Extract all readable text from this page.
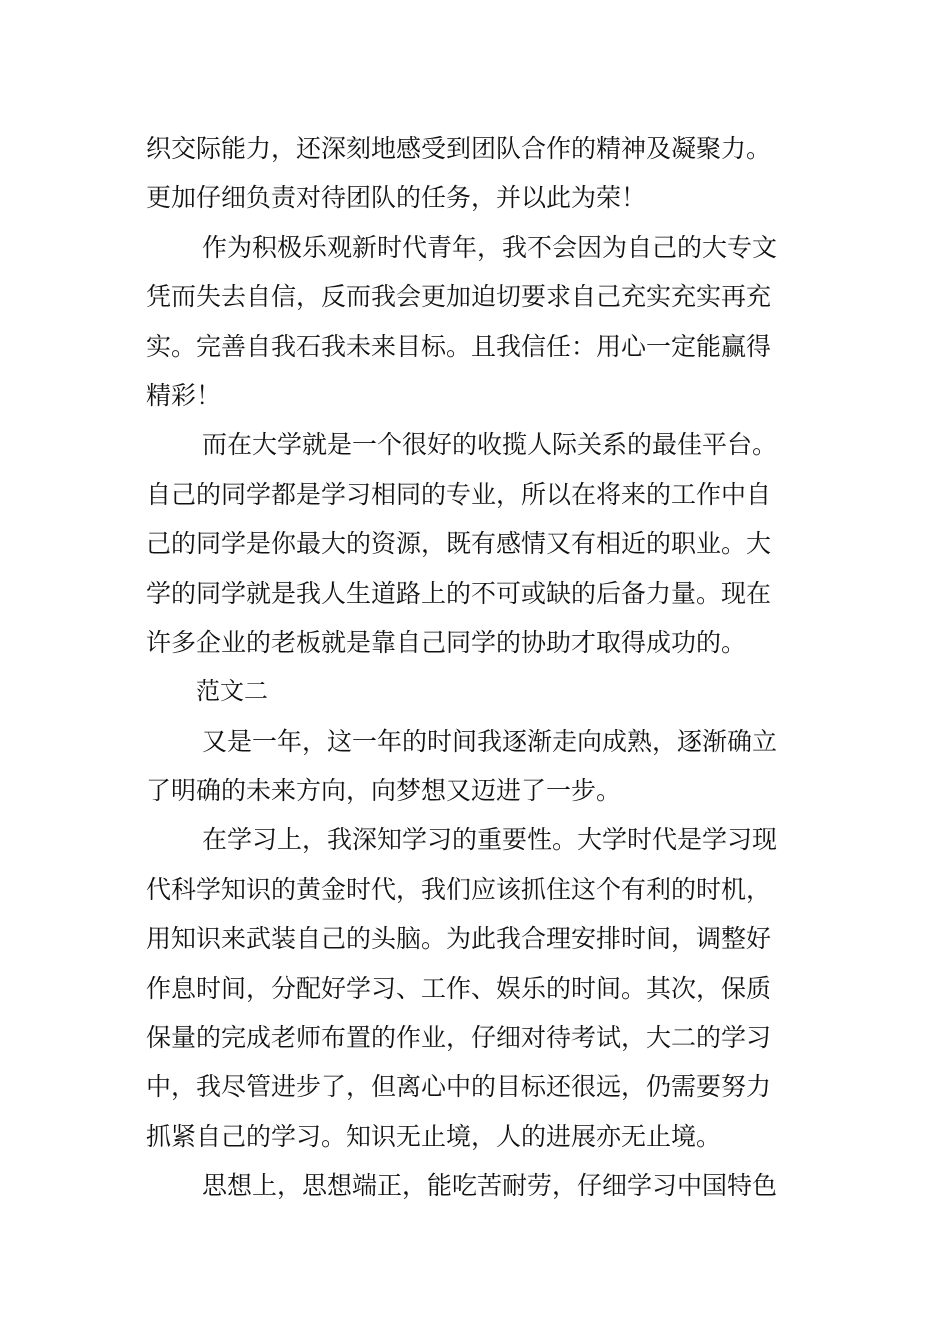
织交际能力，还深刻地感受到团队合作的精神及凝聚力。
更加仔细负责对待团队的任务，并以此为荣！
作为积极乐观新时代青年，我不会因为自己的大专文
凭而失去自信，反而我会更加迫切要求自己充实充实再充
实。完善自我石我未来目标。且我信任：用心一定能赢得
精彩！
而在大学就是一个很好的收揽人际关系的最佳平台。
自己的同学都是学习相同的专业，所以在将来的工作中自
己的同学是你最大的资源，既有感情又有相近的职业。大
学的同学就是我人生道路上的不可或缺的后备力量。现在
许多企业的老板就是靠自己同学的协助才取得成功的。
范文二
又是一年，这一年的时间我逐渐走向成熟，逐渐确立
了明确的未来方向，向梦想又迈进了一步。
在学习上，我深知学习的重要性。大学时代是学习现
代科学知识的黄金时代，我们应该抓住这个有利的时机，
用知识来武装自己的头脑。为此我合理安排时间，调整好
作息时间，分配好学习、工作、娱乐的时间。其次，保质
保量的完成老师布置的作业，仔细对待考试，大二的学习
中，我尽管进步了，但离心中的目标还很远，仍需要努力
抓紧自己的学习。知识无止境，人的进展亦无止境。
思想上，思想端正，能吃苦耐劳，仔细学习中国特色
